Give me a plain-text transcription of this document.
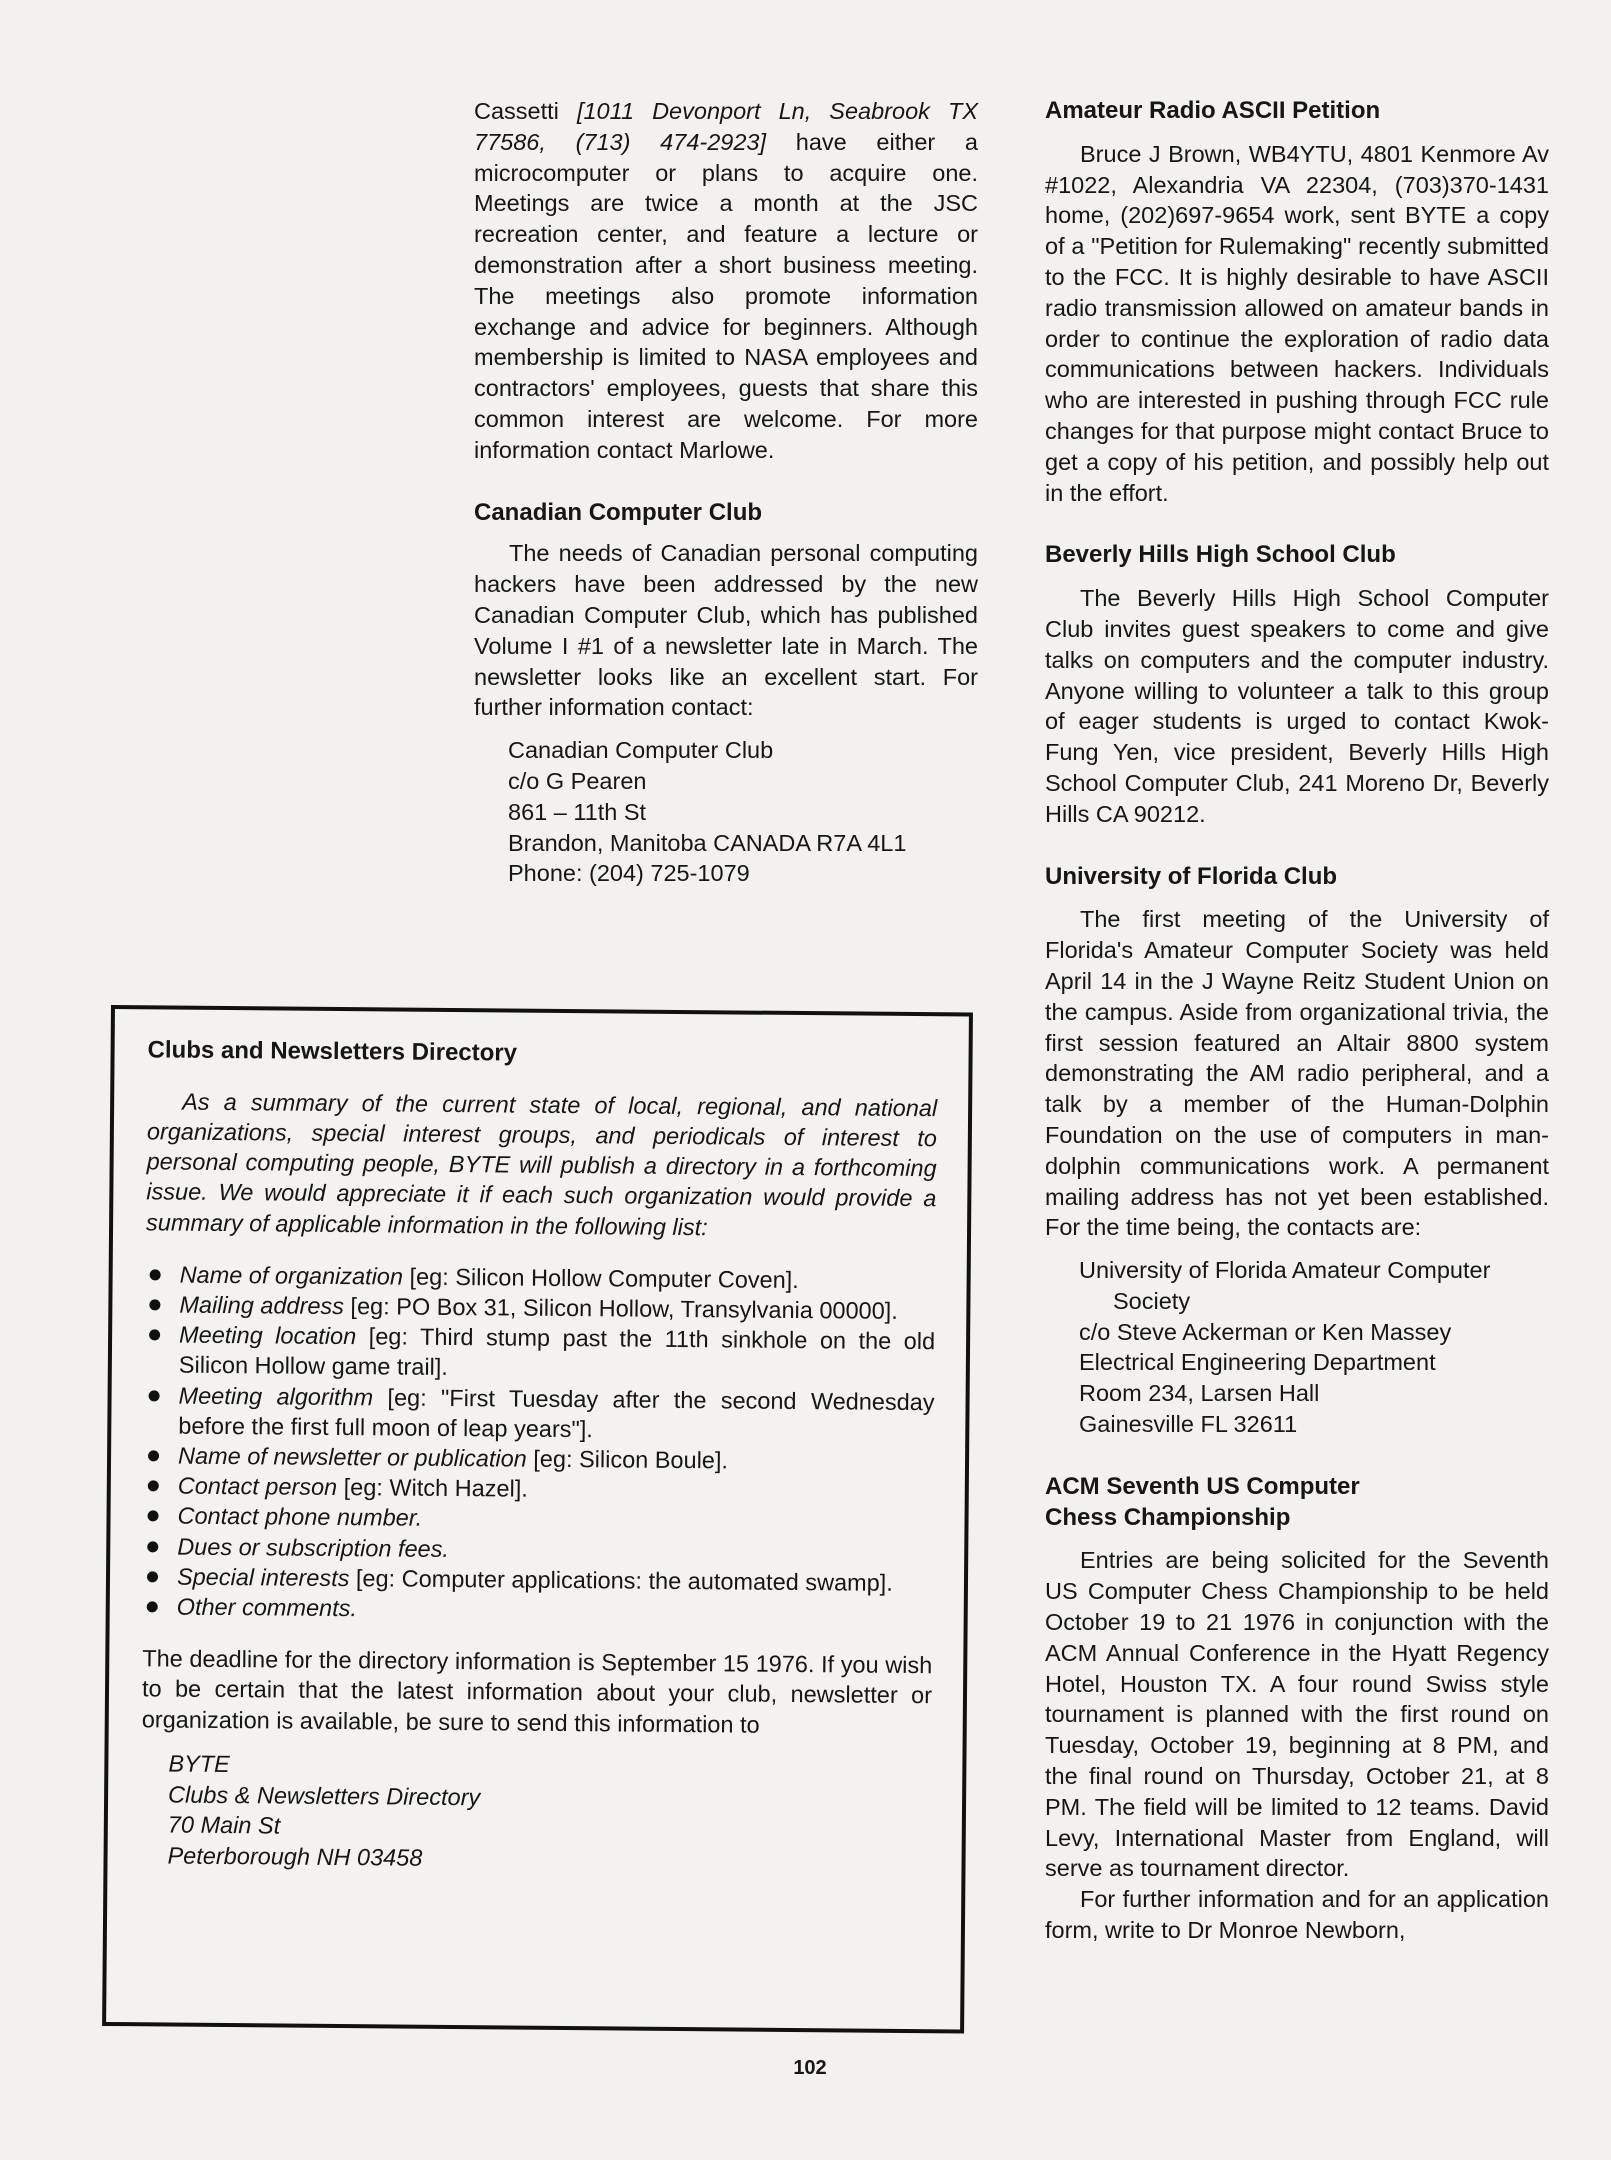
Cassetti [1011 Devonport Ln, Seabrook TX 77586, (713) 474-2923] have either a microcomputer or plans to acquire one. Meetings are twice a month at the JSC recreation center, and feature a lecture or demonstration after a short business meeting. The meetings also promote information exchange and advice for beginners. Although membership is limited to NASA employees and contractors' employees, guests that share this common interest are welcome. For more information contact Marlowe.

Canadian Computer Club

The needs of Canadian personal computing hackers have been addressed by the new Canadian Computer Club, which has published Volume I #1 of a newsletter late in March. The newsletter looks like an excellent start. For further information contact:

Canadian Computer Club
c/o G Pearen
861 – 11th St
Brandon, Manitoba CANADA R7A 4L1
Phone: (204) 725-1079
Clubs and Newsletters Directory

As a summary of the current state of local, regional, and national organizations, special interest groups, and periodicals of interest to personal computing people, BYTE will publish a directory in a forthcoming issue. We would appreciate it if each such organization would provide a summary of applicable information in the following list:

Name of organization [eg: Silicon Hollow Computer Coven].
Mailing address [eg: PO Box 31, Silicon Hollow, Transylvania 00000].
Meeting location [eg: Third stump past the 11th sinkhole on the old Silicon Hollow game trail].
Meeting algorithm [eg: "First Tuesday after the second Wednesday before the first full moon of leap years"].
Name of newsletter or publication [eg: Silicon Boule].
Contact person [eg: Witch Hazel].
Contact phone number.
Dues or subscription fees.
Special interests [eg: Computer applications: the automated swamp].
Other comments.

The deadline for the directory information is September 15 1976. If you wish to be certain that the latest information about your club, newsletter or organization is available, be sure to send this information to

BYTE
Clubs & Newsletters Directory
70 Main St
Peterborough NH 03458
Amateur Radio ASCII Petition

Bruce J Brown, WB4YTU, 4801 Kenmore Av #1022, Alexandria VA 22304, (703)370-1431 home, (202)697-9654 work, sent BYTE a copy of a "Petition for Rulemaking" recently submitted to the FCC. It is highly desirable to have ASCII radio transmission allowed on amateur bands in order to continue the exploration of radio data communications between hackers. Individuals who are interested in pushing through FCC rule changes for that purpose might contact Bruce to get a copy of his petition, and possibly help out in the effort.

Beverly Hills High School Club

The Beverly Hills High School Computer Club invites guest speakers to come and give talks on computers and the computer industry. Anyone willing to volunteer a talk to this group of eager students is urged to contact Kwok-Fung Yen, vice president, Beverly Hills High School Computer Club, 241 Moreno Dr, Beverly Hills CA 90212.

University of Florida Club

The first meeting of the University of Florida's Amateur Computer Society was held April 14 in the J Wayne Reitz Student Union on the campus. Aside from organizational trivia, the first session featured an Altair 8800 system demonstrating the AM radio peripheral, and a talk by a member of the Human-Dolphin Foundation on the use of computers in man-dolphin communications work. A permanent mailing address has not yet been established. For the time being, the contacts are:

University of Florida Amateur Computer
Society
c/o Steve Ackerman or Ken Massey
Electrical Engineering Department
Room 234, Larsen Hall
Gainesville FL 32611
ACM Seventh US Computer
Chess Championship

Entries are being solicited for the Seventh US Computer Chess Championship to be held October 19 to 21 1976 in conjunction with the ACM Annual Conference in the Hyatt Regency Hotel, Houston TX. A four round Swiss style tournament is planned with the first round on Tuesday, October 19, beginning at 8 PM, and the final round on Thursday, October 21, at 8 PM. The field will be limited to 12 teams. David Levy, International Master from England, will serve as tournament director.

For further information and for an application form, write to Dr Monroe Newborn,

102
